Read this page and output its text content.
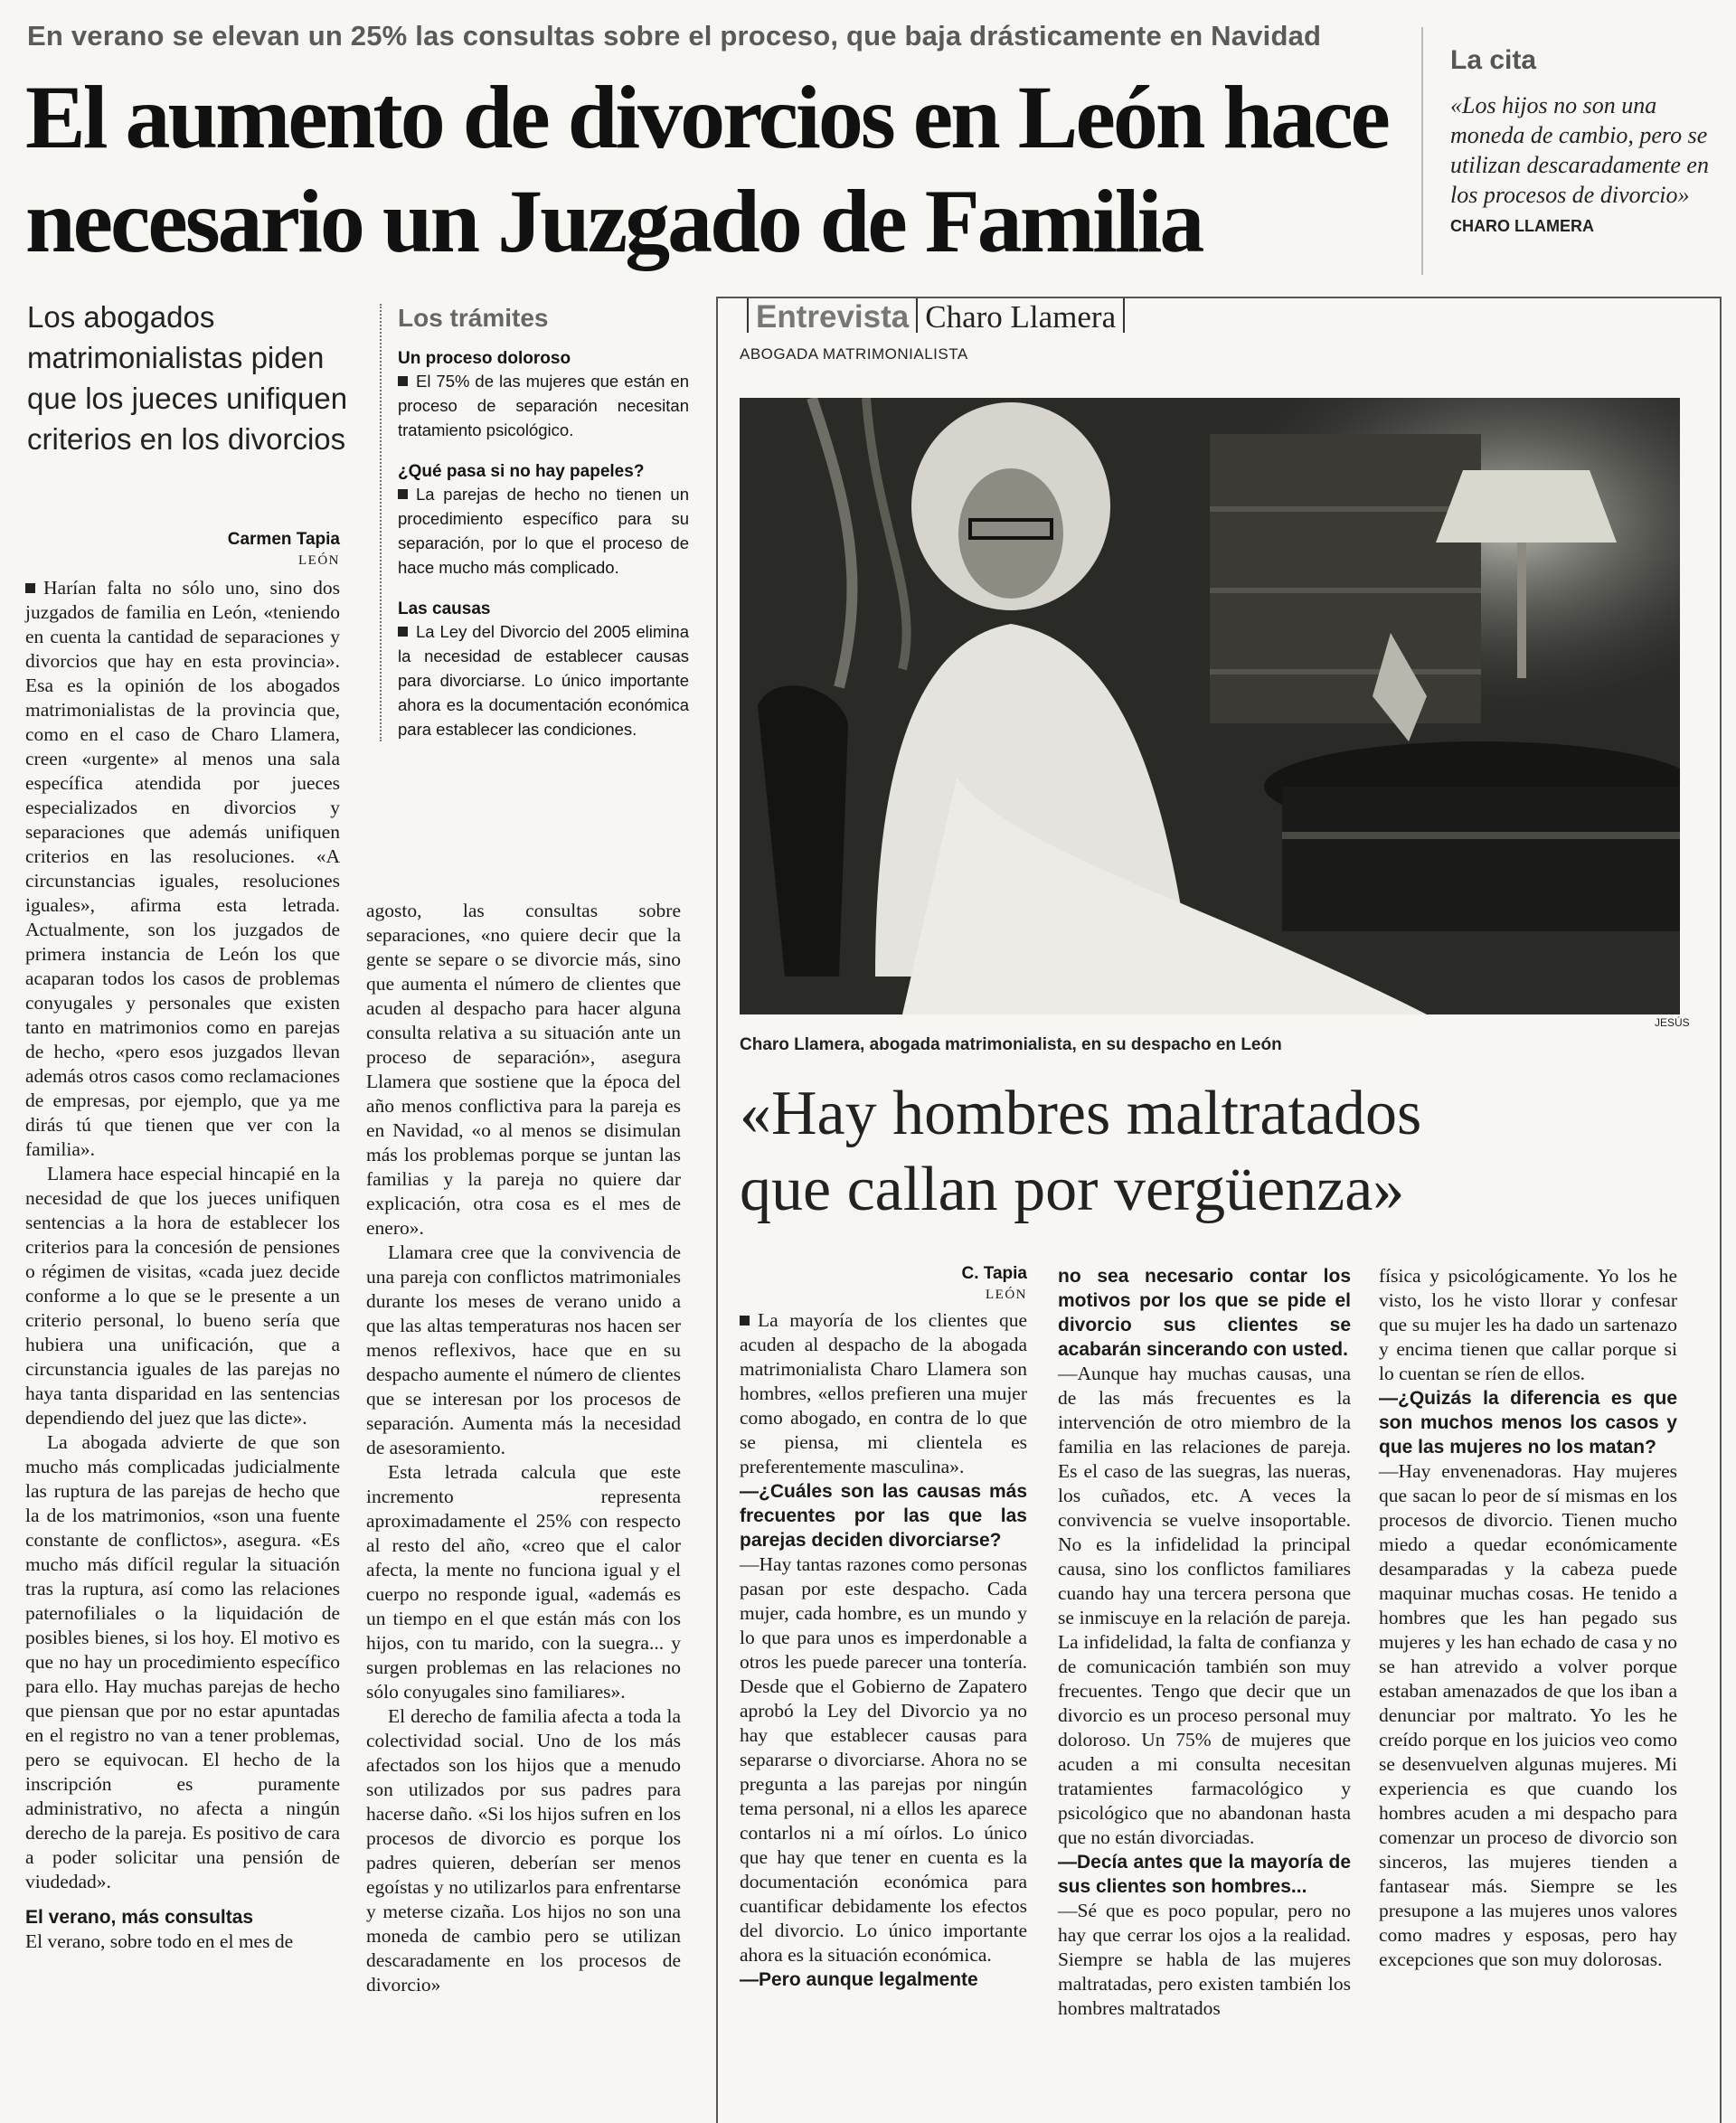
En verano se elevan un 25% las consultas sobre el proceso, que baja drásticamente en Navidad
El aumento de divorcios en León hace
necesario un Juzgado de Familia
La cita
«Los hijos no son una moneda de cambio, pero se utilizan descaradamente en los procesos de divorcio»
CHARO LLAMERA
Los abogados matrimonialistas piden que los jueces unifiquen criterios en los divorcios
Carmen Tapia
LEÓN

Harían falta no sólo uno, sino dos juzgados de familia en León, «teniendo en cuenta la cantidad de separaciones y divorcios que hay en esta provincia». Esa es la opinión de los abogados matrimonialistas de la provincia que, como en el caso de Charo Llamera, creen «urgente» al menos una sala específica atendida por jueces especializados en divorcios y separaciones que además unifiquen criterios en las resoluciones. «A circunstancias iguales, resoluciones iguales», afirma esta letrada. Actualmente, son los juzgados de primera instancia de León los que acaparan todos los casos de problemas conyugales y personales que existen tanto en matrimonios como en parejas de hecho, «pero esos juzgados llevan además otros casos como reclamaciones de empresas, por ejemplo, que ya me dirás tú que tienen que ver con la familia».

Llamera hace especial hincapié en la necesidad de que los jueces unifiquen sentencias a la hora de establecer los criterios para la concesión de pensiones o régimen de visitas, «cada juez decide conforme a lo que se le presente a un criterio personal, lo bueno sería que hubiera una unificación, que a circunstancia iguales de las parejas no haya tanta disparidad en las sentencias dependiendo del juez que las dicte».

La abogada advierte de que son mucho más complicadas judicialmente las ruptura de las parejas de hecho que la de los matrimonios, «son una fuente constante de conflictos», asegura. «Es mucho más difícil regular la situación tras la ruptura, así como las relaciones paternofiliales o la liquidación de posibles bienes, si los hoy. El motivo es que no hay un procedimiento específico para ello. Hay muchas parejas de hecho que piensan que por no estar apuntadas en el registro no van a tener problemas, pero se equivocan. El hecho de la inscripción es puramente administrativo, no afecta a ningún derecho de la pareja. Es positivo de cara a poder solicitar una pensión de viudedad».

El verano, más consultas

El verano, sobre todo en el mes de

Los trámites
Un proceso doloroso
El 75% de las mujeres que están en proceso de separación necesitan tratamiento psicológico.
¿Qué pasa si no hay papeles?
La parejas de hecho no tienen un procedimiento específico para su separación, por lo que el proceso de hace mucho más complicado.
Las causas
La Ley del Divorcio del 2005 elimina la necesidad de establecer causas para divorciarse. Lo único importante ahora es la documentación económica para establecer las condiciones.

agosto, las consultas sobre separaciones, «no quiere decir que la gente se separe o se divorcie más, sino que aumenta el número de clientes que acuden al despacho para hacer alguna consulta relativa a su situación ante un proceso de separación», asegura Llamera que sostiene que la época del año menos conflictiva para la pareja es en Navidad, «o al menos se disimulan más los problemas porque se juntan las familias y la pareja no quiere dar explicación, otra cosa es el mes de enero».

Llamara cree que la convivencia de una pareja con conflictos matrimoniales durante los meses de verano unido a que las altas temperaturas nos hacen ser menos reflexivos, hace que en su despacho aumente el número de clientes que se interesan por los procesos de separación. Aumenta más la necesidad de asesoramiento.

Esta letrada calcula que este incremento representa aproximadamente el 25% con respecto al resto del año, «creo que el calor afecta, la mente no funciona igual y el cuerpo no responde igual, «además es un tiempo en el que están más con los hijos, con tu marido, con la suegra... y surgen problemas en las relaciones no sólo conyugales sino familiares».

El derecho de familia afecta a toda la colectividad social. Uno de los más afectados son los hijos que a menudo son utilizados por sus padres para hacerse daño. «Si los hijos sufren en los procesos de divorcio es porque los padres quieren, deberían ser menos egoístas y no utilizarlos para enfrentarse y meterse cizaña. Los hijos no son una moneda de cambio pero se utilizan descaradamente en los procesos de divorcio»

Entrevista Charo Llamera
ABOGADA MATRIMONIALISTA
JESÚS
Charo Llamera, abogada matrimonialista, en su despacho en León
«Hay hombres maltratados
que callan por vergüenza»
C. Tapia
LEÓN

La mayoría de los clientes que acuden al despacho de la abogada matrimonialista Charo Llamera son hombres, «ellos prefieren una mujer como abogado, en contra de lo que se piensa, mi clientela es preferentemente masculina».

—¿Cuáles son las causas más frecuentes por las que las parejas deciden divorciarse?

—Hay tantas razones como personas pasan por este despacho. Cada mujer, cada hombre, es un mundo y lo que para unos es imperdonable a otros les puede parecer una tontería. Desde que el Gobierno de Zapatero aprobó la Ley del Divorcio ya no hay que establecer causas para separarse o divorciarse. Ahora no se pregunta a las parejas por ningún tema personal, ni a ellos les aparece contarlos ni a mí oírlos. Lo único que hay que tener en cuenta es la documentación económica para cuantificar debidamente los efectos del divorcio. Lo único importante ahora es la situación económica.

—Pero aunque legalmente
no sea necesario contar los motivos por los que se pide el divorcio sus clientes se acabarán sincerando con usted.

—Aunque hay muchas causas, una de las más frecuentes es la intervención de otro miembro de la familia en las relaciones de pareja. Es el caso de las suegras, las nueras, los cuñados, etc. A veces la convivencia se vuelve insoportable. No es la infidelidad la principal causa, sino los conflictos familiares cuando hay una tercera persona que se inmiscuye en la relación de pareja. La infidelidad, la falta de confianza y de comunicación también son muy frecuentes. Tengo que decir que un divorcio es un proceso personal muy doloroso. Un 75% de mujeres que acuden a mi consulta necesitan tratamientes farmacológico y psicológico que no abandonan hasta que no están divorciadas.

—Decía antes que la mayoría de sus clientes son hombres...

—Sé que es poco popular, pero no hay que cerrar los ojos a la realidad. Siempre se habla de las mujeres maltratadas, pero existen también los hombres maltratados

física y psicológicamente. Yo los he visto, los he visto llorar y confesar que su mujer les ha dado un sartenazo y encima tienen que callar porque si lo cuentan se ríen de ellos.

—¿Quizás la diferencia es que son muchos menos los casos y que las mujeres no los matan?

—Hay envenenadoras. Hay mujeres que sacan lo peor de sí mismas en los procesos de divorcio. Tienen mucho miedo a quedar económicamente desamparadas y la cabeza puede maquinar muchas cosas. He tenido a hombres que les han pegado sus mujeres y les han echado de casa y no se han atrevido a volver porque estaban amenazados de que los iban a denunciar por maltrato. Yo les he creído porque en los juicios veo como se desenvuelven algunas mujeres. Mi experiencia es que cuando los hombres acuden a mi despacho para comenzar un proceso de divorcio son sinceros, las mujeres tienden a fantasear más. Siempre se les presupone a las mujeres unos valores como madres y esposas, pero hay excepciones que son muy dolorosas.
